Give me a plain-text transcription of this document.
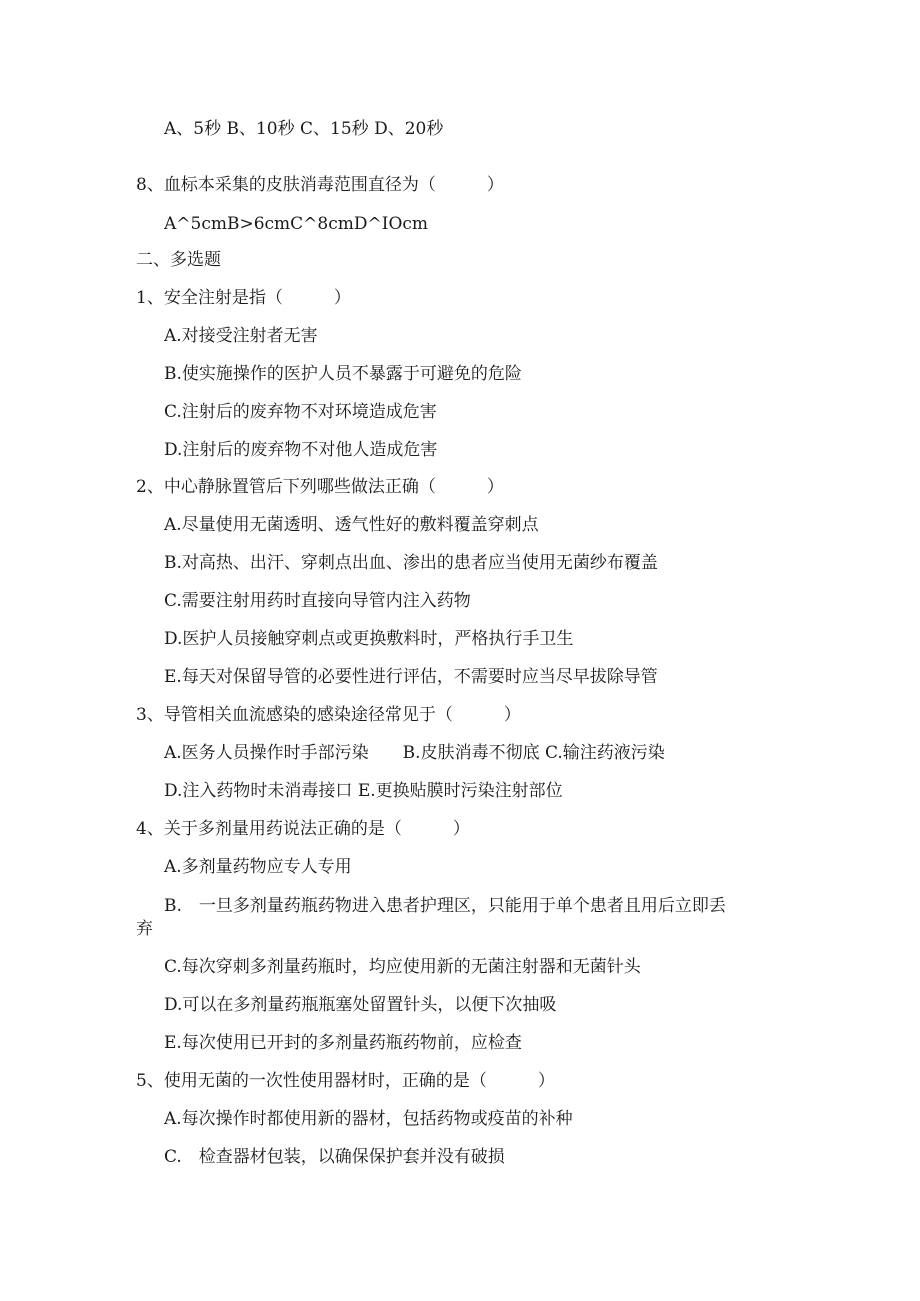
A、5秒 B、10秒 C、15秒 D、20秒
8、血标本采集的皮肤消毒范围直径为（　　　）
A^5cmB>6cmC^8cmD^IOcm
二、多选题
1、安全注射是指（　　　）
A.对接受注射者无害
B.使实施操作的医护人员不暴露于可避免的危险
C.注射后的废弃物不对环境造成危害
D.注射后的废弃物不对他人造成危害
2、中心静脉置管后下列哪些做法正确（　　　）
A.尽量使用无菌透明、透气性好的敷料覆盖穿刺点
B.对高热、出汗、穿刺点出血、渗出的患者应当使用无菌纱布覆盖
C.需要注射用药时直接向导管内注入药物
D.医护人员接触穿刺点或更换敷料时，严格执行手卫生
E.每天对保留导管的必要性进行评估，不需要时应当尽早拔除导管
3、导管相关血流感染的感染途径常见于（　　　）
A.医务人员操作时手部污染　　B.皮肤消毒不彻底 C.输注药液污染
D.注入药物时未消毒接口 E.更换贴膜时污染注射部位
4、关于多剂量用药说法正确的是（　　　）
A.多剂量药物应专人专用
B.　一旦多剂量药瓶药物进入患者护理区，只能用于单个患者且用后立即丢
弃
C.每次穿刺多剂量药瓶时，均应使用新的无菌注射器和无菌针头
D.可以在多剂量药瓶瓶塞处留置针头，以便下次抽吸
E.每次使用已开封的多剂量药瓶药物前，应检查
5、使用无菌的一次性使用器材时，正确的是（　　　）
A.每次操作时都使用新的器材，包括药物或疫苗的补种
C.　检查器材包装，以确保保护套并没有破损
